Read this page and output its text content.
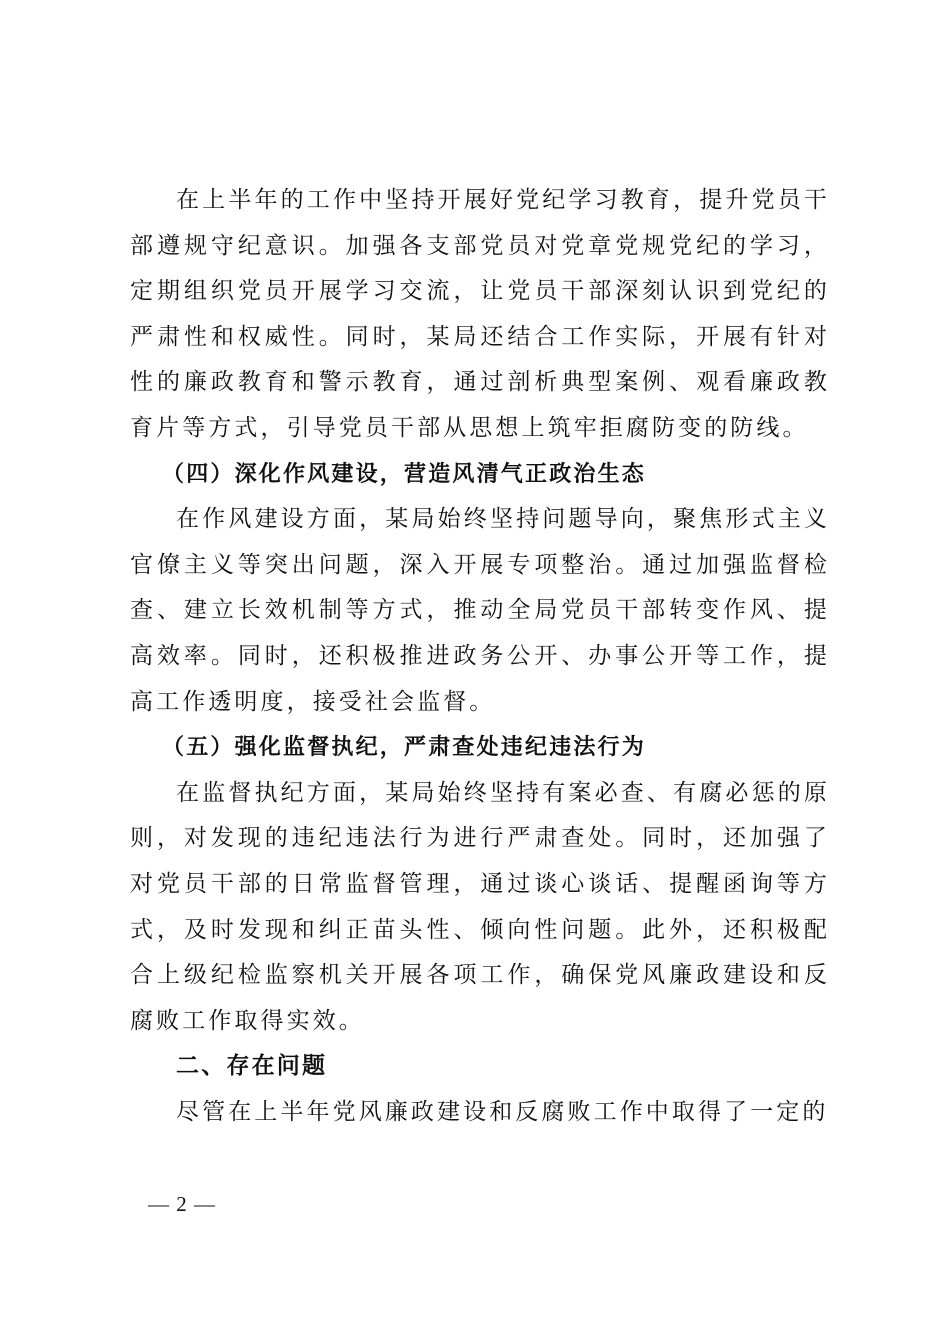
在上半年的工作中坚持开展好党纪学习教育，提升党员干部遵规守纪意识。加强各支部党员对党章党规党纪的学习，定期组织党员开展学习交流，让党员干部深刻认识到党纪的严肃性和权威性。同时，某局还结合工作实际，开展有针对性的廉政教育和警示教育，通过剖析典型案例、观看廉政教育片等方式，引导党员干部从思想上筑牢拒腐防变的防线。

（四）深化作风建设，营造风清气正政治生态

在作风建设方面，某局始终坚持问题导向，聚焦形式主义官僚主义等突出问题，深入开展专项整治。通过加强监督检查、建立长效机制等方式，推动全局党员干部转变作风、提高效率。同时，还积极推进政务公开、办事公开等工作，提高工作透明度，接受社会监督。

（五）强化监督执纪，严肃查处违纪违法行为

在监督执纪方面，某局始终坚持有案必查、有腐必惩的原则，对发现的违纪违法行为进行严肃查处。同时，还加强了对党员干部的日常监督管理，通过谈心谈话、提醒函询等方式，及时发现和纠正苗头性、倾向性问题。此外，还积极配合上级纪检监察机关开展各项工作，确保党风廉政建设和反腐败工作取得实效。

二、存在问题

尽管在上半年党风廉政建设和反腐败工作中取得了一定的

— 2 —
